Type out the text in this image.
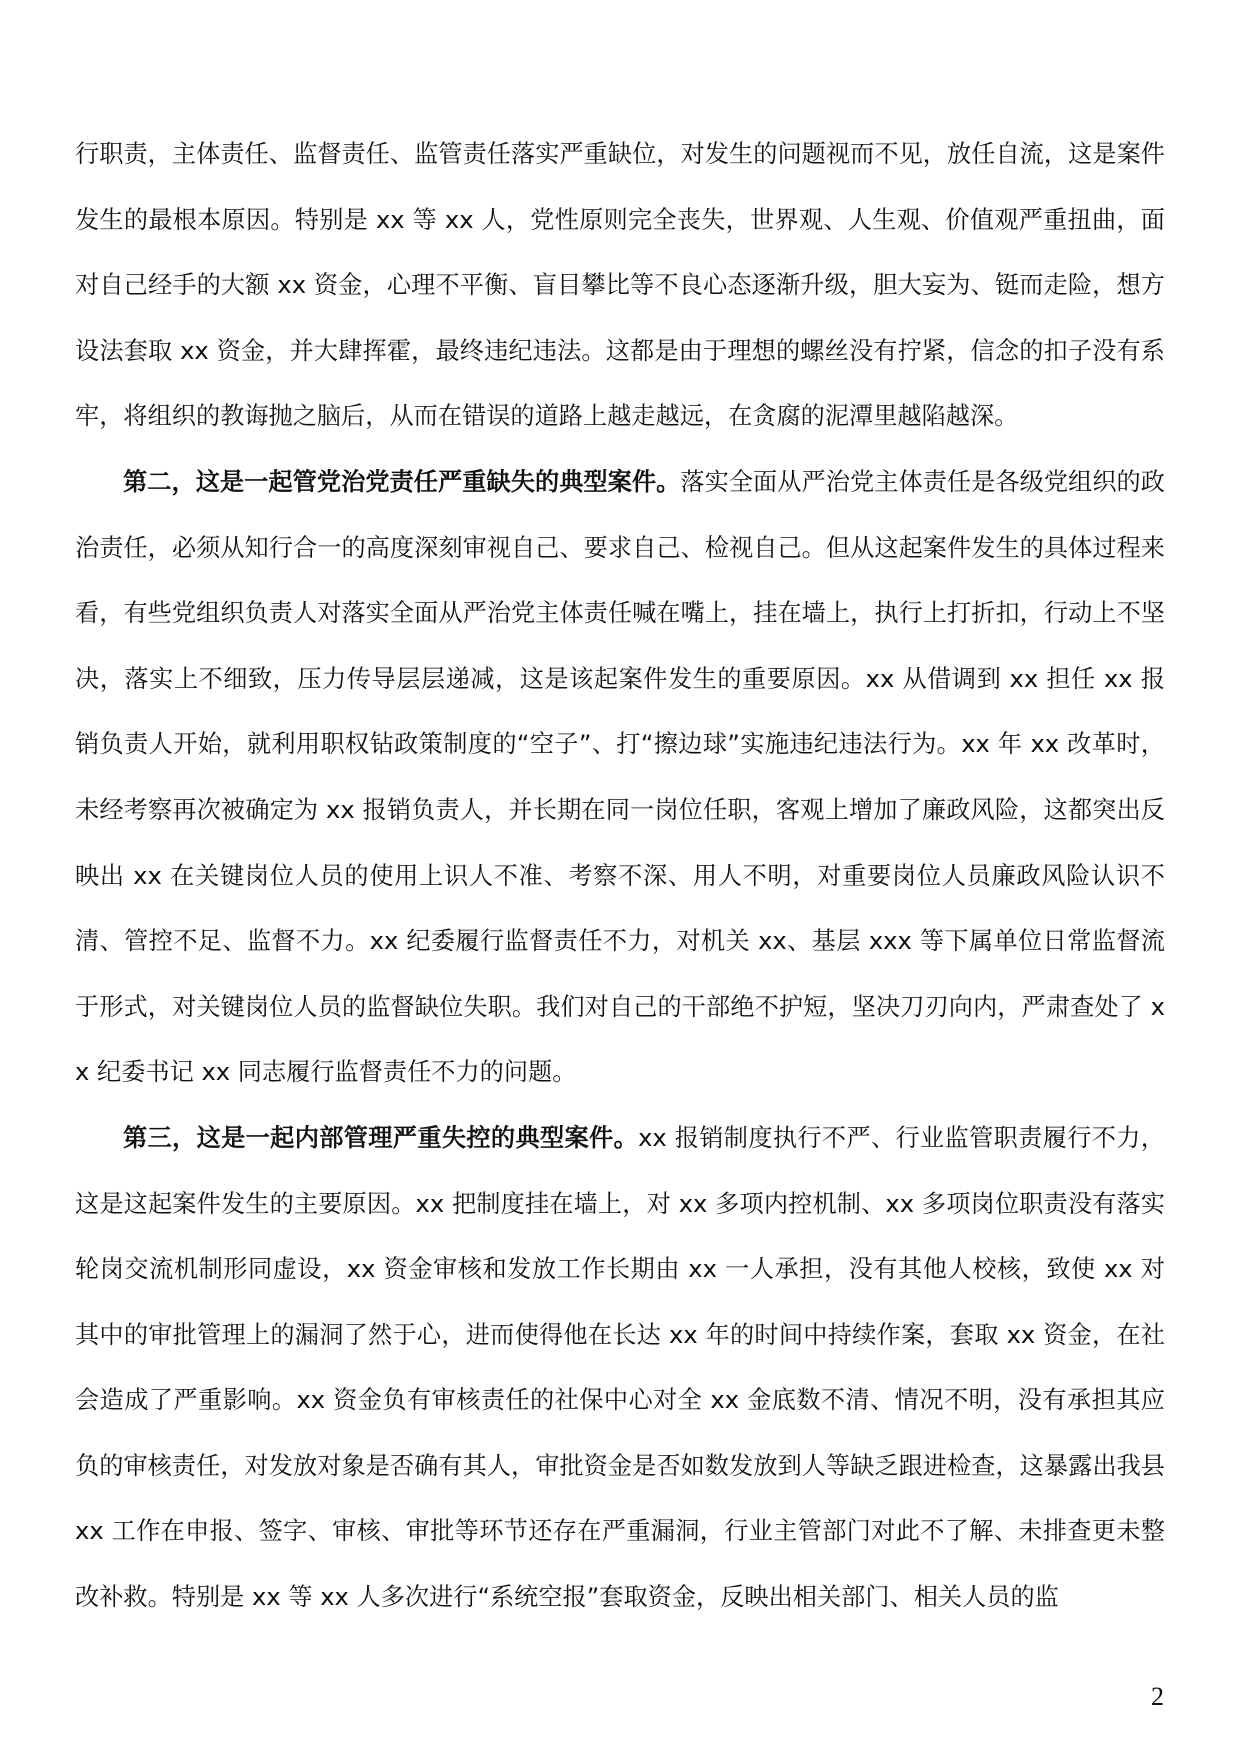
行职责，主体责任、监督责任、监管责任落实严重缺位，对发生的问题视而不见，放任自流，这是案件发生的最根本原因。特别是 xx 等 xx 人，党性原则完全丧失，世界观、人生观、价值观严重扭曲，面对自己经手的大额 xx 资金，心理不平衡、盲目攀比等不良心态逐渐升级，胆大妄为、铤而走险，想方设法套取 xx 资金，并大肆挥霍，最终违纪违法。这都是由于理想的螺丝没有拧紧，信念的扣子没有系牢，将组织的教诲抛之脑后，从而在错误的道路上越走越远，在贪腐的泥潭里越陷越深。

第二，这是一起管党治党责任严重缺失的典型案件。落实全面从严治党主体责任是各级党组织的政治责任，必须从知行合一的高度深刻审视自己、要求自己、检视自己。但从这起案件发生的具体过程来看，有些党组织负责人对落实全面从严治党主体责任喊在嘴上，挂在墙上，执行上打折扣，行动上不坚决，落实上不细致，压力传导层层递减，这是该起案件发生的重要原因。xx 从借调到 xx 担任 xx 报销负责人开始，就利用职权钻政策制度的“空子”、打“擦边球”实施违纪违法行为。xx 年 xx 改革时，未经考察再次被确定为 xx 报销负责人，并长期在同一岗位任职，客观上增加了廉政风险，这都突出反映出 xx 在关键岗位人员的使用上识人不准、考察不深、用人不明，对重要岗位人员廉政风险认识不清、管控不足、监督不力。xx 纪委履行监督责任不力，对机关 xx、基层 xxx 等下属单位日常监督流于形式，对关键岗位人员的监督缺位失职。我们对自己的干部绝不护短，坚决刀刃向内，严肃查处了 xx 纪委书记 xx 同志履行监督责任不力的问题。

第三，这是一起内部管理严重失控的典型案件。xx 报销制度执行不严、行业监管职责履行不力，这是这起案件发生的主要原因。xx 把制度挂在墙上，对 xx 多项内控机制、xx 多项岗位职责没有落实轮岗交流机制形同虚设，xx 资金审核和发放工作长期由 xx 一人承担，没有其他人校核，致使 xx 对其中的审批管理上的漏洞了然于心，进而使得他在长达 xx 年的时间中持续作案，套取 xx 资金，在社会造成了严重影响。xx 资金负有审核责任的社保中心对全 xx 金底数不清、情况不明，没有承担其应负的审核责任，对发放对象是否确有其人，审批资金是否如数发放到人等缺乏跟进检查，这暴露出我县 xx 工作在申报、签字、审核、审批等环节还存在严重漏洞，行业主管部门对此不了解、未排查更未整改补救。特别是 xx 等 xx 人多次进行“系统空报”套取资金，反映出相关部门、相关人员的监

2
